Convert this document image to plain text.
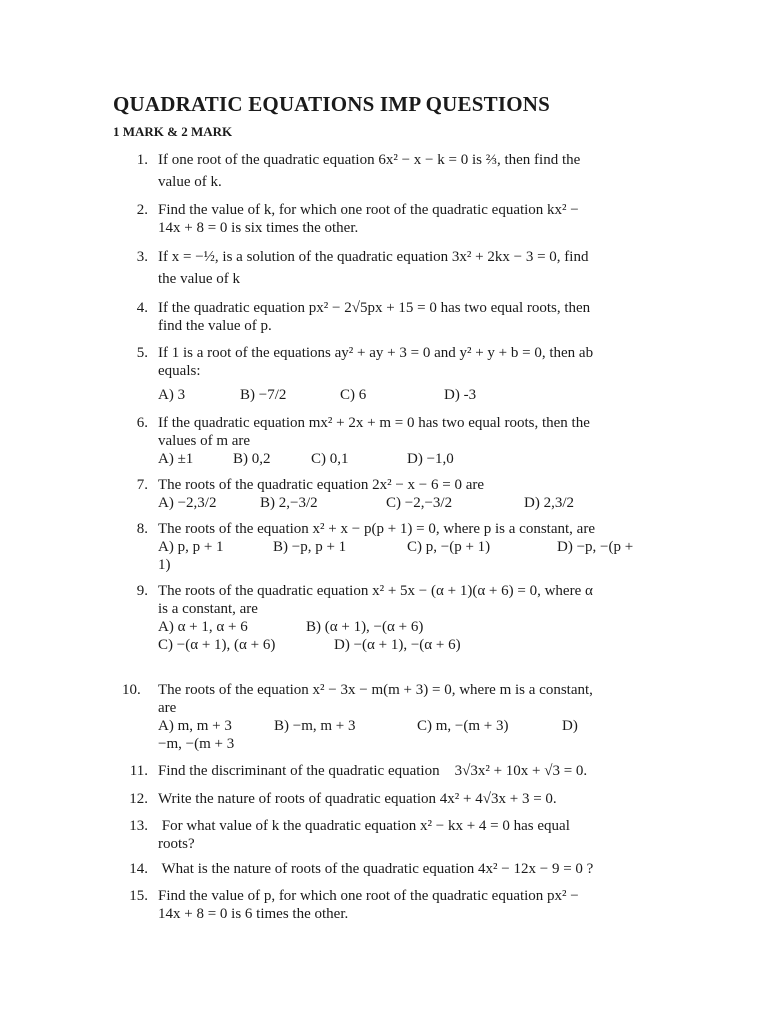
QUADRATIC EQUATIONS IMP QUESTIONS
1 MARK & 2 MARK
1. If one root of the quadratic equation 6x² − x − k = 0 is ⅔, then find the
value of k.
2. Find the value of k, for which one root of the quadratic equation kx² −
14x + 8 = 0 is six times the other.
3. If x = −½, is a solution of the quadratic equation 3x² + 2kx − 3 = 0, find
the value of k
4. If the quadratic equation px² − 2√5px + 15 = 0 has two equal roots, then
find the value of p.
5. If 1 is a root of the equations ay² + ay + 3 = 0 and y² + y + b = 0, then ab
equals:
A) 3	B) −7/2	C) 6	D) -3
6. If the quadratic equation mx² + 2x + m = 0 has two equal roots, then the
values of m are
A) ±1	B) 0,2	C) 0,1	D) −1,0
7. The roots of the quadratic equation 2x² − x − 6 = 0 are
A) −2,3/2	B) 2,−3/2	C) −2,−3/2	D) 2,3/2
8. The roots of the equation x² + x − p(p + 1) = 0, where p is a constant, are
A) p, p + 1	B) −p, p + 1	C) p, −(p + 1)	D) −p, −(p +
1)
9. The roots of the quadratic equation x² + 5x − (α + 1)(α + 6) = 0, where α
is a constant, are
A) α + 1, α + 6	B) (α + 1), −(α + 6)
C) −(α + 1), (α + 6)	D) −(α + 1), −(α + 6)
10.	The roots of the equation x² − 3x − m(m + 3) = 0, where m is a constant,
are
A) m, m + 3	B) −m, m + 3	C) m, −(m + 3)	D)
−m, −(m + 3
11. Find the discriminant of the quadratic equation    3√3x² + 10x + √3 = 0.
12. Write the nature of roots of quadratic equation 4x² + 4√3x + 3 = 0.
13. For what value of k the quadratic equation x² − kx + 4 = 0 has equal
roots?
14. What is the nature of roots of the quadratic equation 4x² − 12x − 9 = 0 ?
15. Find the value of p, for which one root of the quadratic equation px² −
14x + 8 = 0 is 6 times the other.
